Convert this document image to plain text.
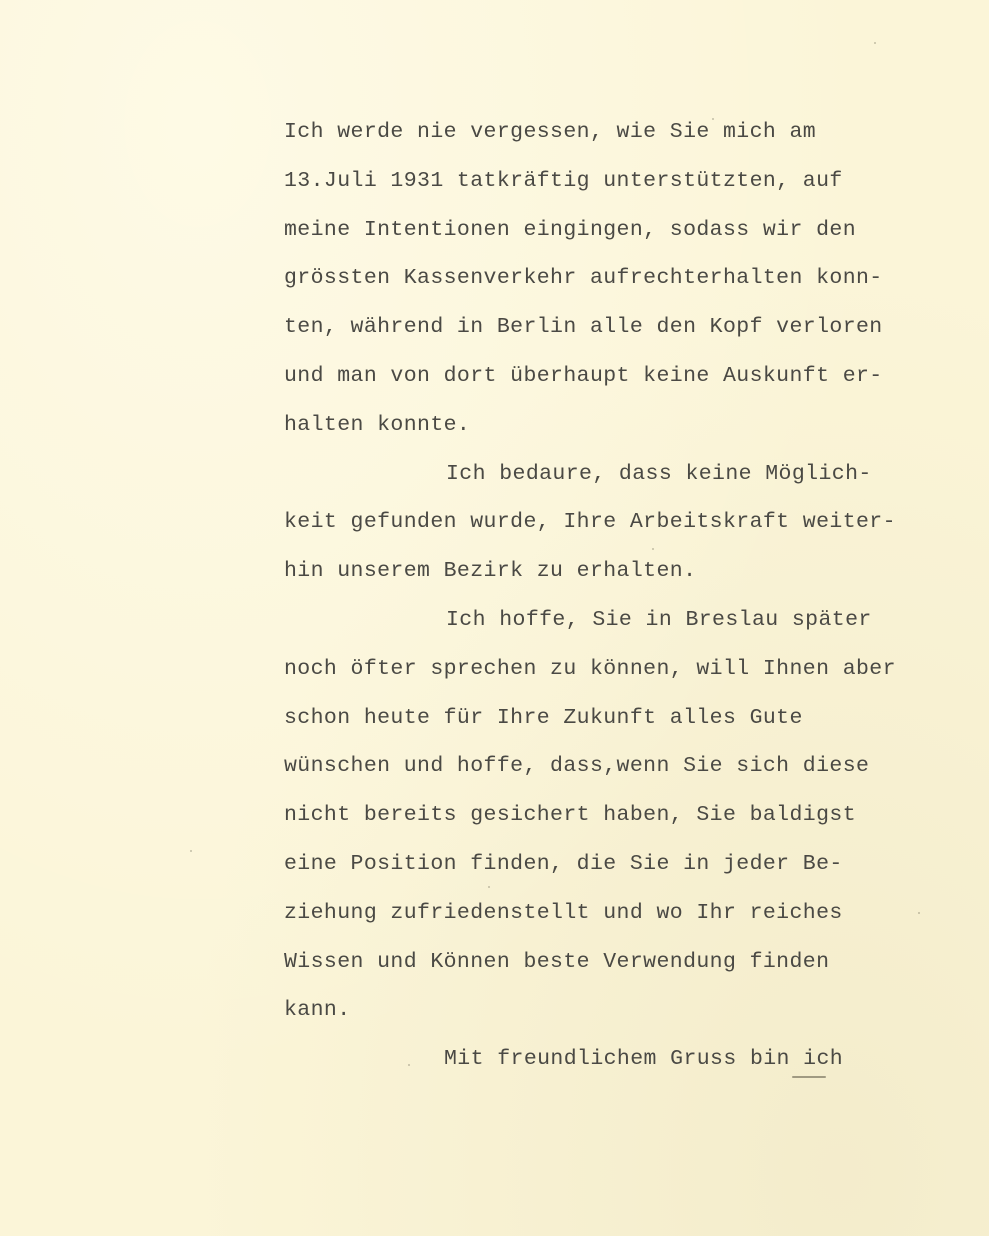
Ich werde nie vergessen, wie Sie mich am
13.Juli 1931 tatkräftig unterstützten, auf
meine Intentionen eingingen, sodass wir den
grössten Kassenverkehr aufrechterhalten konn-
ten, während in Berlin alle den Kopf verloren
und man von dort überhaupt keine Auskunft er-
halten konnte.
Ich bedaure, dass keine Möglich-
keit gefunden wurde, Ihre Arbeitskraft weiter-
hin unserem Bezirk zu erhalten.
Ich hoffe, Sie in Breslau später
noch öfter sprechen zu können, will Ihnen aber
schon heute für Ihre Zukunft alles Gute
wünschen und hoffe, dass,wenn Sie sich diese
nicht bereits gesichert haben, Sie baldigst
eine Position finden, die Sie in jeder Be-
ziehung zufriedenstellt und wo Ihr reiches
Wissen und Können beste Verwendung finden
kann.
Mit freundlichem Gruss bin ich
